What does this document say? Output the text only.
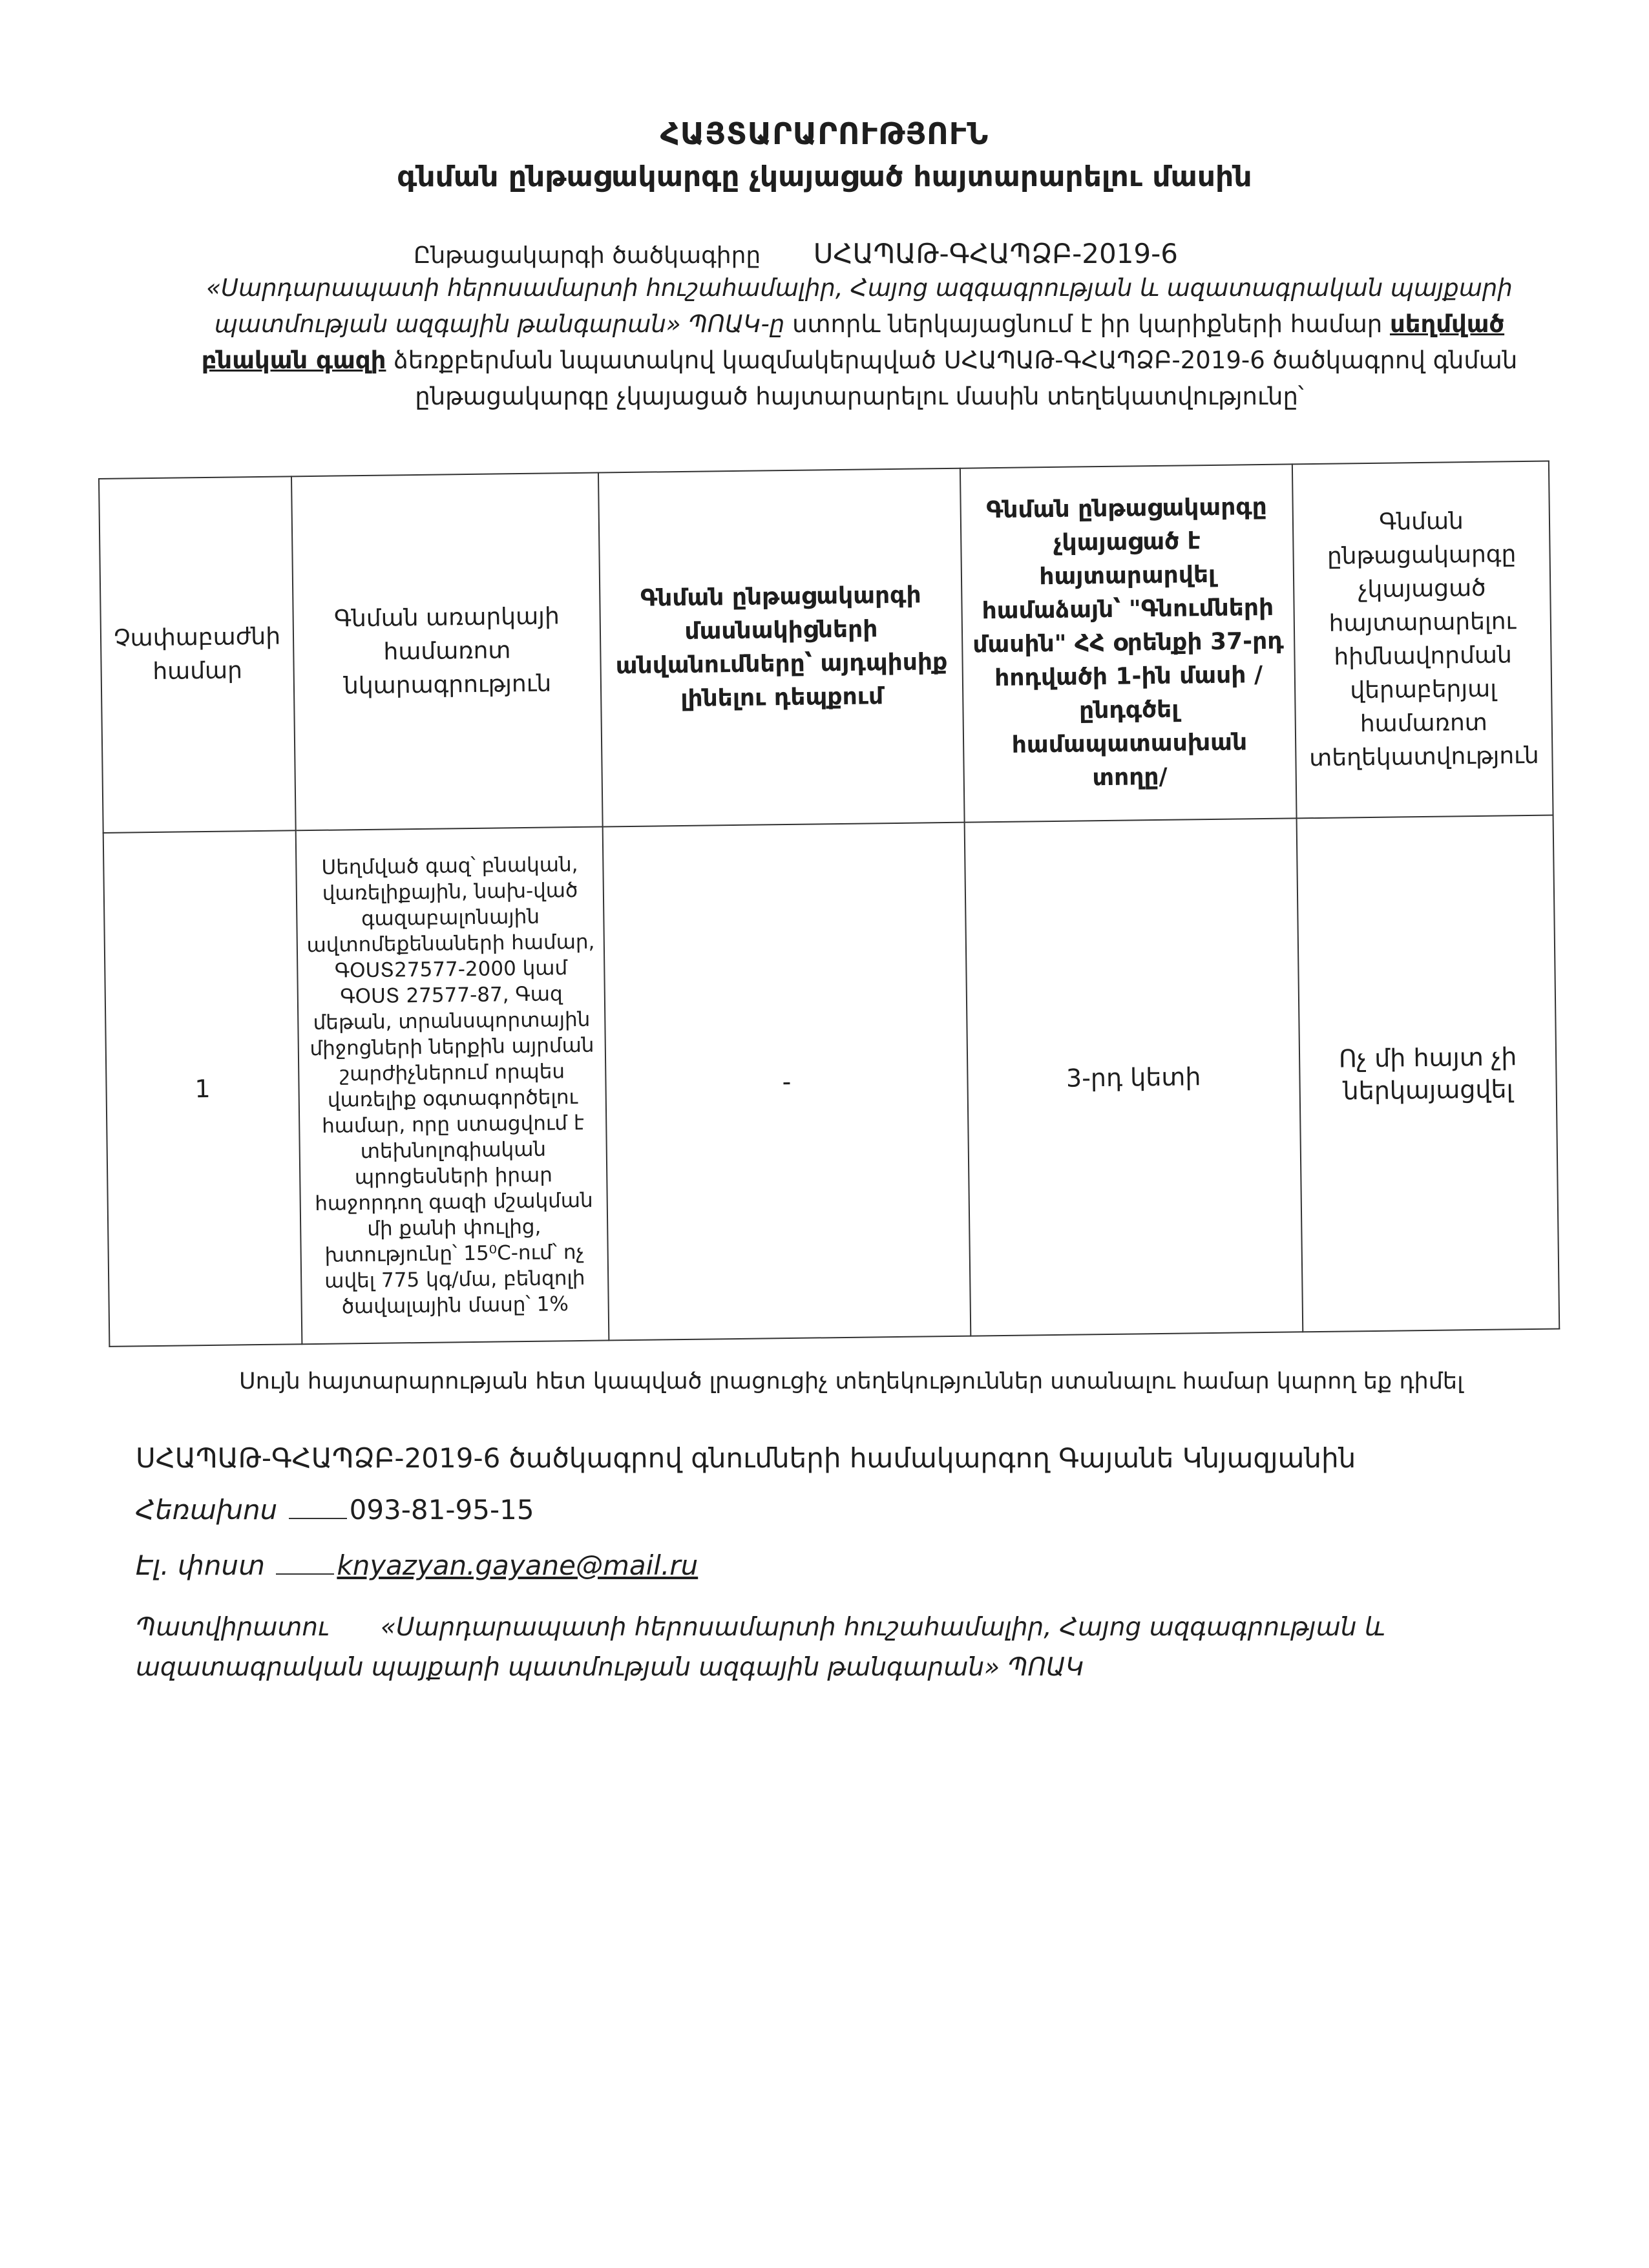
ՀԱՅՏԱՐԱՐՈՒԹՅՈՒՆ
գնման ընթացակարգը չկայացած հայտարարելու մասին
Ընթացակարգի ծածկագիրը ՍՀԱՊԱԹ-ԳՀԱՊՁԲ-2019-6
«Սարդարապատի հերոսամարտի հուշահամալիր, Հայոց ազգագրության և ազատագրական պայքարի պատմության ազգային թանգարան» ՊՈԱԿ-ը ստորև ներկայացնում է իր կարիքների համար սեղմված բնական գազի ձեռքբերման նպատակով կազմակերպված ՍՀԱՊԱԹ-ԳՀԱՊՁԲ-2019-6 ծածկագրով գնման ընթացակարգը չկայացած հայտարարելու մասին տեղեկատվությունը՝
Չափաբաժնի համար	Գնման առարկայի համառոտ նկարագրություն	Գնման ընթացակարգի մասնակիցների անվանումները՝ այդպիսիք լինելու դեպքում	Գնման ընթացակարգը չկայացած է հայտարարվել համաձայն՝ "Գնումների մասին" ՀՀ օրենքի 37-րդ հոդվածի 1-ին մասի /ընդգծել համապատասխան տողը/	Գնման ընթացակարգը չկայացած հայտարարելու հիմնավորման վերաբերյալ համառոտ տեղեկատվություն
1	Սեղմված գազ՝ բնական, վառելիքային, նախ-ված գազաբալոնային ավտոմեքենաների համար, ԳՕՍՏ27577-2000 կամ ԳՕՍՏ 27577-87, Գազ մեթան, տրանսպորտային միջոցների ներքին այրման շարժիչներում որպես վառելիք օգտագործելու համար, որը ստացվում է տեխնոլոգիական պրոցեսների իրար հաջորդող գազի մշակման մի քանի փուլից, խտությունը՝ 15⁰C-ում՝ ոչ ավել 775 կգ/մա, բենզոլի ծավալային մասը՝ 1%	-	3-րդ կետի	Ոչ մի հայտ չի ներկայացվել
Սույն հայտարարության հետ կապված լրացուցիչ տեղեկություններ ստանալու համար կարող եք դիմել
ՍՀԱՊԱԹ-ԳՀԱՊՁԲ-2019-6 ծածկագրով գնումների համակարգող Գայանե Կնյազյանին
Հեռախոս	093-81-95-15
Էլ. փոստ	knyazyan.gayane@mail.ru
Պատվիրատու «Սարդարապատի հերոսամարտի հուշահամալիր, Հայոց ազգագրության և ազատագրական պայքարի պատմության ազգային թանգարան» ՊՈԱԿ
